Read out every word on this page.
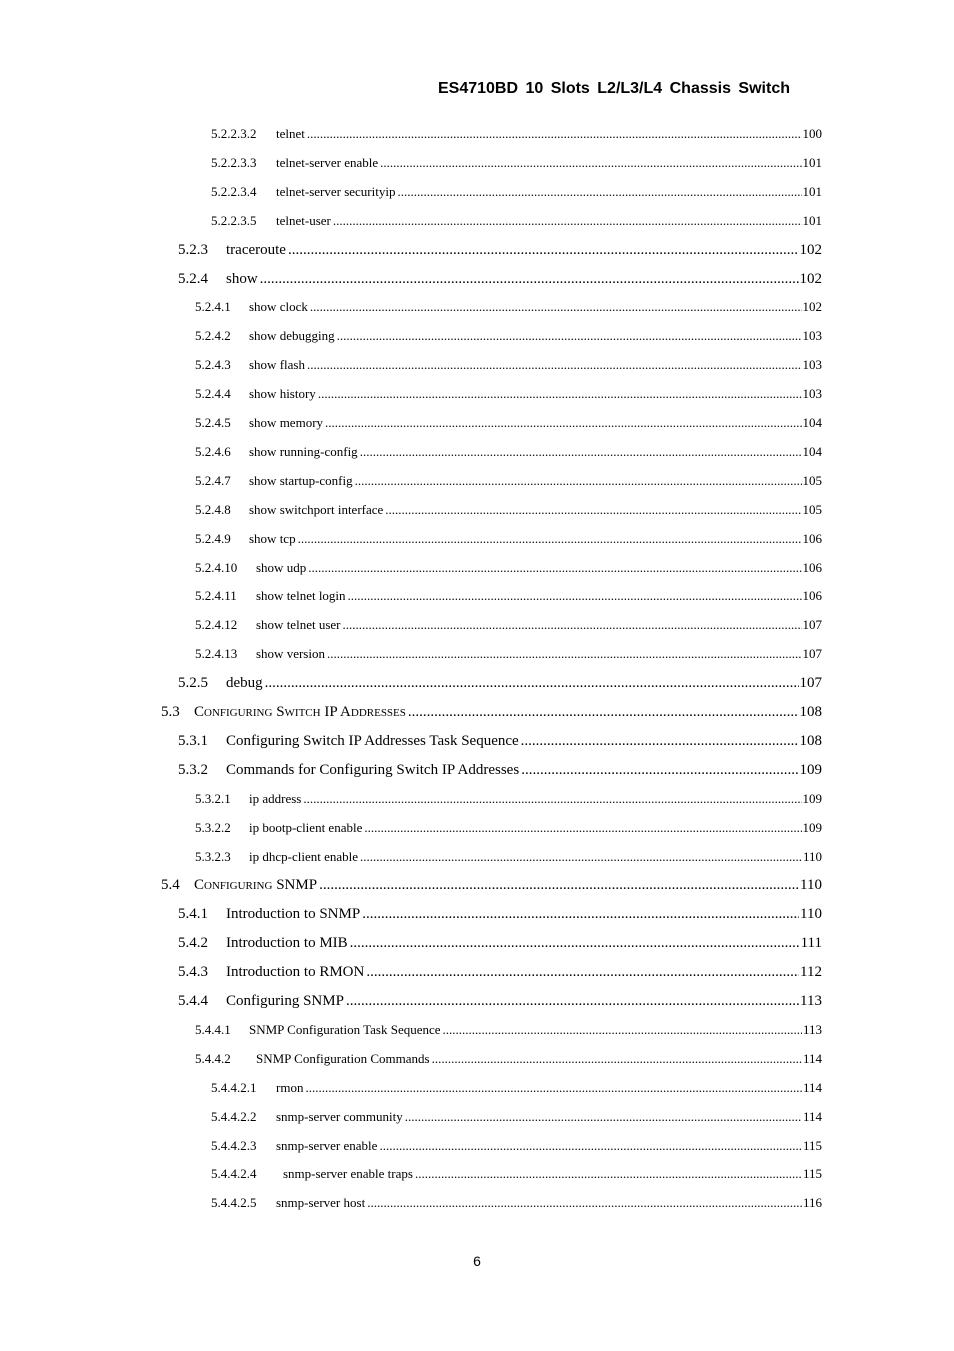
ES4710BD 10 Slots L2/L3/L4 Chassis Switch
5.2.2.3.2	telnet .....	100
5.2.2.3.3	telnet-server enable .....	101
5.2.2.3.4	telnet-server securityip .....	101
5.2.2.3.5	telnet-user .....	101
5.2.3	traceroute .....	102
5.2.4	show .....	102
5.2.4.1	show clock .....	102
5.2.4.2	show debugging .....	103
5.2.4.3	show flash .....	103
5.2.4.4	show history .....	103
5.2.4.5	show memory .....	104
5.2.4.6	show running-config .....	104
5.2.4.7	show startup-config .....	105
5.2.4.8	show switchport interface .....	105
5.2.4.9	show tcp .....	106
5.2.4.10	show udp .....	106
5.2.4.11	show telnet login .....	106
5.2.4.12	show telnet user .....	107
5.2.4.13	show version .....	107
5.2.5	debug .....	107
5.3 Configuring Switch IP Addresses .....	108
5.3.1	Configuring Switch IP Addresses Task Sequence .....	108
5.3.2	Commands for Configuring Switch IP Addresses .....	109
5.3.2.1	ip address .....	109
5.3.2.2	ip bootp-client enable .....	109
5.3.2.3	ip dhcp-client enable .....	110
5.4 Configuring SNMP .....	110
5.4.1	Introduction to SNMP .....	110
5.4.2	Introduction to MIB .....	111
5.4.3	Introduction to RMON .....	112
5.4.4	Configuring SNMP .....	113
5.4.4.1	SNMP Configuration Task Sequence .....	113
5.4.4.2	SNMP Configuration Commands .....	114
5.4.4.2.1	rmon .....	114
5.4.4.2.2	snmp-server community .....	114
5.4.4.2.3	snmp-server enable .....	115
5.4.4.2.4	snmp-server enable traps .....	115
5.4.4.2.5	snmp-server host .....	116
6
